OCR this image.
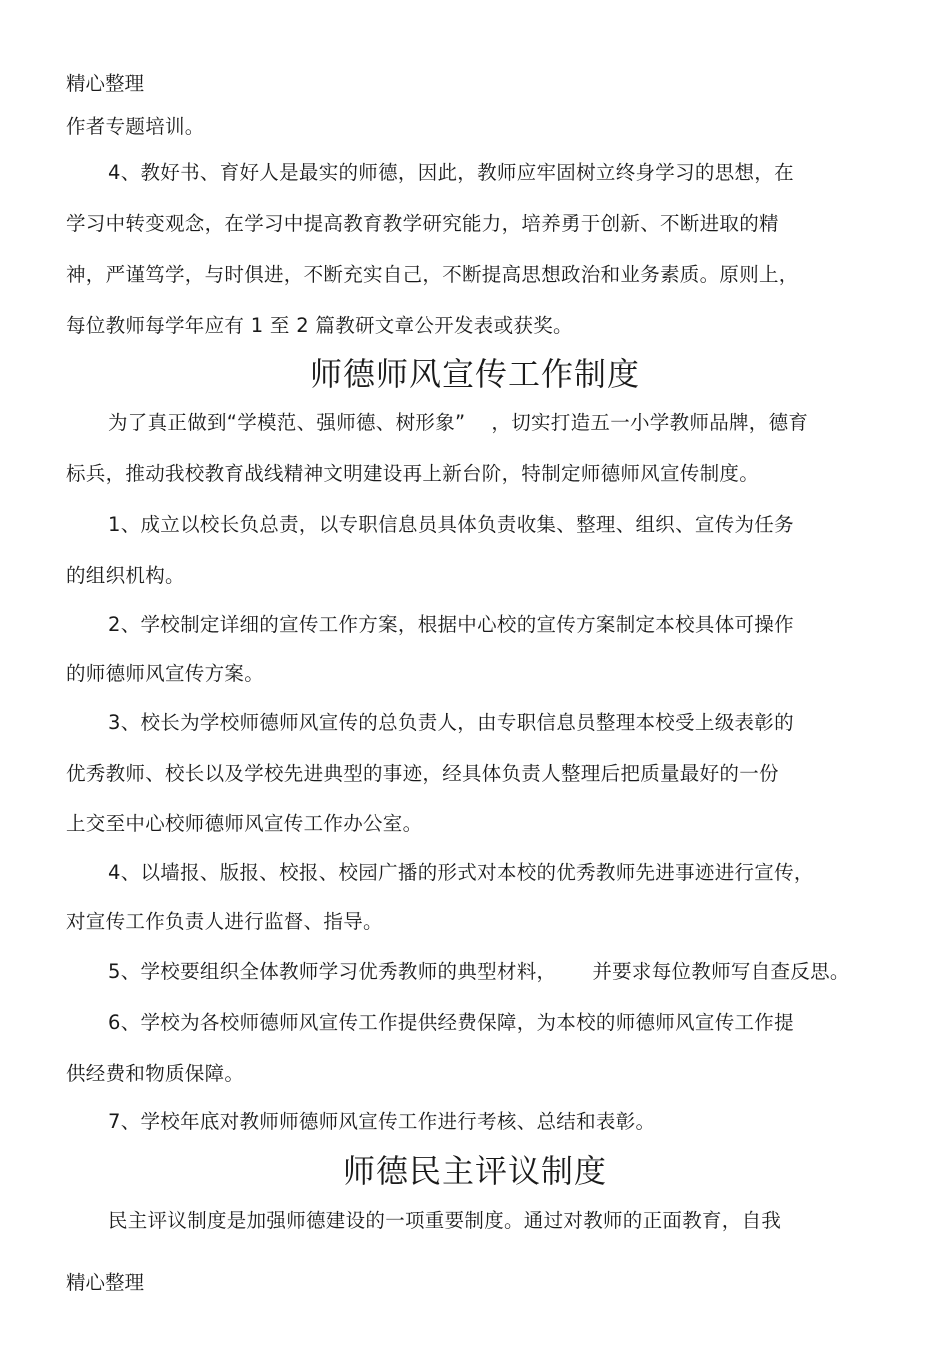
精心整理
作者专题培训。
4、教好书、育好人是最实的师德，因此，教师应牢固树立终身学习的思想，在
学习中转变观念，在学习中提高教育教学研究能力，培养勇于创新、不断进取的精
神，严谨笃学，与时俱进，不断充实自己，不断提高思想政治和业务素质。原则上，
每位教师每学年应有 1 至 2 篇教研文章公开发表或获奖。
师德师风宣传工作制度
为了真正做到“学模范、强师德、树形象” ，切实打造五一小学教师品牌，德育
标兵，推动我校教育战线精神文明建设再上新台阶，特制定师德师风宣传制度。
1、成立以校长负总责，以专职信息员具体负责收集、整理、组织、宣传为任务
的组织机构。
2、学校制定详细的宣传工作方案，根据中心校的宣传方案制定本校具体可操作
的师德师风宣传方案。
3、校长为学校师德师风宣传的总负责人，由专职信息员整理本校受上级表彰的
优秀教师、校长以及学校先进典型的事迹，经具体负责人整理后把质量最好的一份
上交至中心校师德师风宣传工作办公室。
4、以墙报、版报、校报、校园广播的形式对本校的优秀教师先进事迹进行宣传，
对宣传工作负责人进行监督、指导。
5、学校要组织全体教师学习优秀教师的典型材料， 并要求每位教师写自查反思。
6、学校为各校师德师风宣传工作提供经费保障，为本校的师德师风宣传工作提
供经费和物质保障。
7、学校年底对教师师德师风宣传工作进行考核、总结和表彰。
师德民主评议制度
民主评议制度是加强师德建设的一项重要制度。通过对教师的正面教育，自我
精心整理
